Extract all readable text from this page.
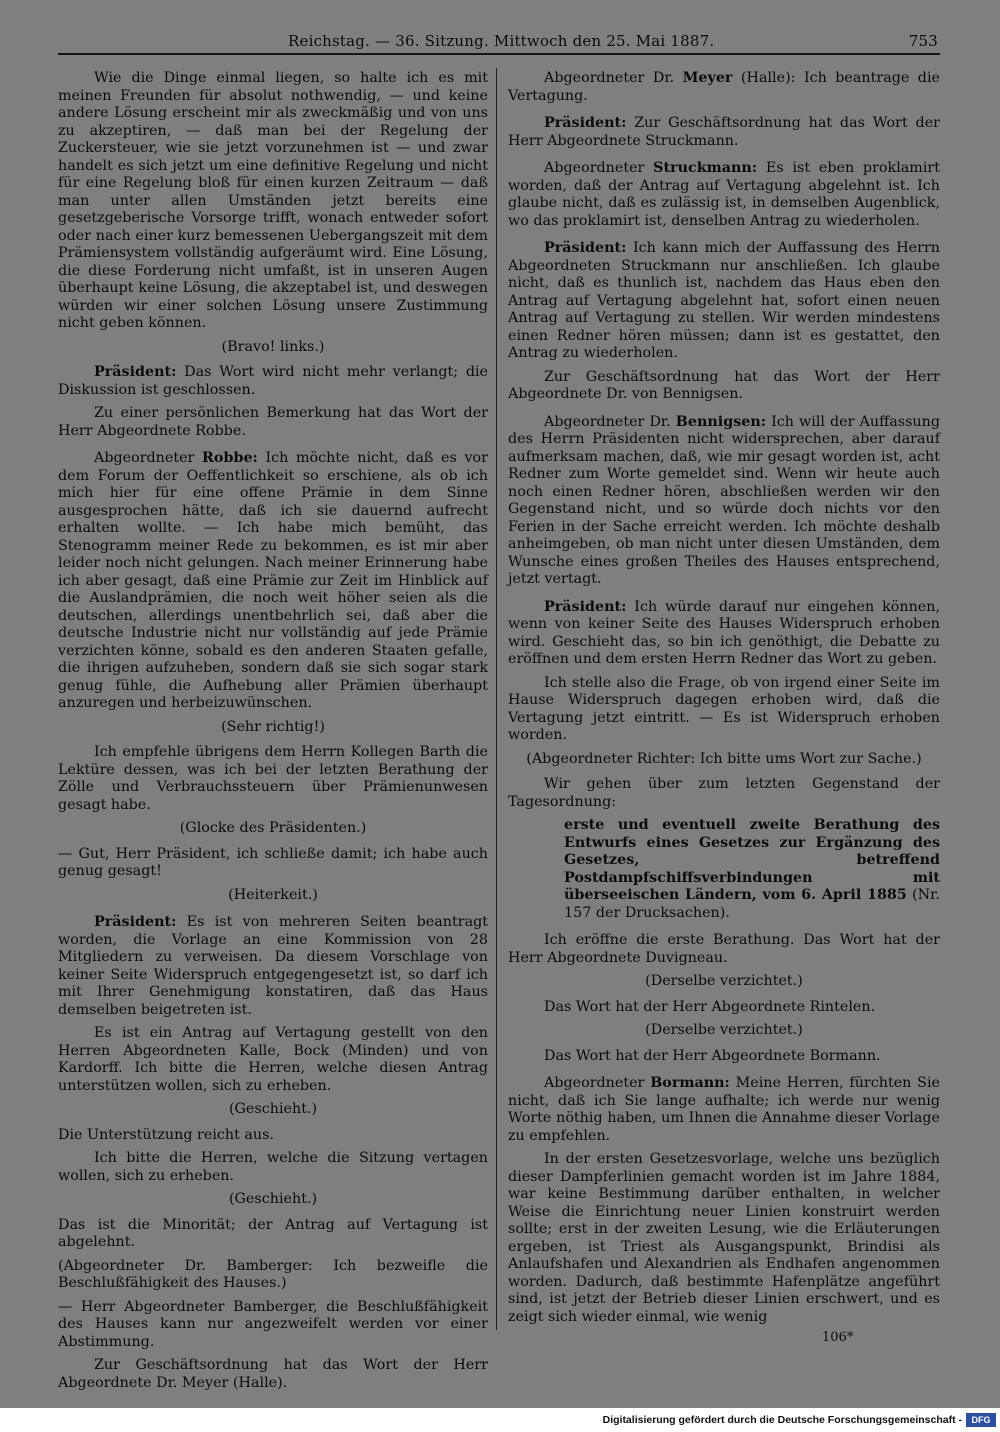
Reichstag. — 36. Sitzung. Mittwoch den 25. Mai 1887.	753

Wie die Dinge einmal liegen, so halte ich es mit meinen Freunden für absolut nothwendig, — und keine andere Lösung erscheint mir als zweckmäßig und von uns zu akzeptiren, — daß man bei der Regelung der Zuckersteuer, wie sie jetzt vorzunehmen ist — und zwar handelt es sich jetzt um eine definitive Regelung und nicht für eine Regelung bloß für einen kurzen Zeitraum — daß man unter allen Umständen jetzt bereits eine gesetzgeberische Vorsorge trifft, wonach entweder sofort oder nach einer kurz bemessenen Uebergangszeit mit dem Prämiensystem vollständig aufgeräumt wird. Eine Lösung, die diese Forderung nicht umfaßt, ist in unseren Augen überhaupt keine Lösung, die akzeptabel ist, und deswegen würden wir einer solchen Lösung unsere Zustimmung nicht geben können.

(Bravo! links.)

Präsident: Das Wort wird nicht mehr verlangt; die Diskussion ist geschlossen.

Zu einer persönlichen Bemerkung hat das Wort der Herr Abgeordnete Robbe.

Abgeordneter Robbe: Ich möchte nicht, daß es vor dem Forum der Oeffentlichkeit so erschiene, als ob ich mich hier für eine offene Prämie in dem Sinne ausgesprochen hätte, daß ich sie dauernd aufrecht erhalten wollte. — Ich habe mich bemüht, das Stenogramm meiner Rede zu bekommen, es ist mir aber leider noch nicht gelungen. Nach meiner Erinnerung habe ich aber gesagt, daß eine Prämie zur Zeit im Hinblick auf die Auslandprämien, die noch weit höher seien als die deutschen, allerdings unentbehrlich sei, daß aber die deutsche Industrie nicht nur vollständig auf jede Prämie verzichten könne, sobald es den anderen Staaten gefalle, die ihrigen aufzuheben, sondern daß sie sich sogar stark genug fühle, die Aufhebung aller Prämien überhaupt anzuregen und herbeizuwünschen.

(Sehr richtig!)

Ich empfehle übrigens dem Herrn Kollegen Barth die Lektüre dessen, was ich bei der letzten Berathung der Zölle und Verbrauchssteuern über Prämienunwesen gesagt habe.

(Glocke des Präsidenten.)

— Gut, Herr Präsident, ich schließe damit; ich habe auch genug gesagt!

(Heiterkeit.)

Präsident: Es ist von mehreren Seiten beantragt worden, die Vorlage an eine Kommission von 28 Mitgliedern zu verweisen. Da diesem Vorschlage von keiner Seite Widerspruch entgegengesetzt ist, so darf ich mit Ihrer Genehmigung konstatiren, daß das Haus demselben beigetreten ist.

Es ist ein Antrag auf Vertagung gestellt von den Herren Abgeordneten Kalle, Bock (Minden) und von Kardorff. Ich bitte die Herren, welche diesen Antrag unterstützen wollen, sich zu erheben.

(Geschieht.)

Die Unterstützung reicht aus.

Ich bitte die Herren, welche die Sitzung vertagen wollen, sich zu erheben.

(Geschieht.)

Das ist die Minorität; der Antrag auf Vertagung ist abgelehnt.

(Abgeordneter Dr. Bamberger: Ich bezweifle die Beschlußfähigkeit des Hauses.)

— Herr Abgeordneter Bamberger, die Beschlußfähigkeit des Hauses kann nur angezweifelt werden vor einer Abstimmung.

Zur Geschäftsordnung hat das Wort der Herr Abgeordnete Dr. Meyer (Halle).

Abgeordneter Dr. Meyer (Halle): Ich beantrage die Vertagung.

Präsident: Zur Geschäftsordnung hat das Wort der Herr Abgeordnete Struckmann.

Abgeordneter Struckmann: Es ist eben proklamirt worden, daß der Antrag auf Vertagung abgelehnt ist. Ich glaube nicht, daß es zulässig ist, in demselben Augenblick, wo das proklamirt ist, denselben Antrag zu wiederholen.

Präsident: Ich kann mich der Auffassung des Herrn Abgeordneten Struckmann nur anschließen. Ich glaube nicht, daß es thunlich ist, nachdem das Haus eben den Antrag auf Vertagung abgelehnt hat, sofort einen neuen Antrag auf Vertagung zu stellen. Wir werden mindestens einen Redner hören müssen; dann ist es gestattet, den Antrag zu wiederholen.

Zur Geschäftsordnung hat das Wort der Herr Abgeordnete Dr. von Bennigsen.

Abgeordneter Dr. Bennigsen: Ich will der Auffassung des Herrn Präsidenten nicht widersprechen, aber darauf aufmerksam machen, daß, wie mir gesagt worden ist, acht Redner zum Worte gemeldet sind. Wenn wir heute auch noch einen Redner hören, abschließen werden wir den Gegenstand nicht, und so würde doch nichts vor den Ferien in der Sache erreicht werden. Ich möchte deshalb anheimgeben, ob man nicht unter diesen Umständen, dem Wunsche eines großen Theiles des Hauses entsprechend, jetzt vertagt.

Präsident: Ich würde darauf nur eingehen können, wenn von keiner Seite des Hauses Widerspruch erhoben wird. Geschieht das, so bin ich genöthigt, die Debatte zu eröffnen und dem ersten Herrn Redner das Wort zu geben.

Ich stelle also die Frage, ob von irgend einer Seite im Hause Widerspruch dagegen erhoben wird, daß die Vertagung jetzt eintritt. — Es ist Widerspruch erhoben worden.

(Abgeordneter Richter: Ich bitte ums Wort zur Sache.)

Wir gehen über zum letzten Gegenstand der Tagesordnung:

erste und eventuell zweite Berathung des Entwurfs eines Gesetzes zur Ergänzung des Gesetzes, betreffend Postdampfschiffsverbindungen mit überseeischen Ländern, vom 6. April 1885 (Nr. 157 der Drucksachen).

Ich eröffne die erste Berathung. Das Wort hat der Herr Abgeordnete Duvigneau.

(Derselbe verzichtet.)

Das Wort hat der Herr Abgeordnete Rintelen.

(Derselbe verzichtet.)

Das Wort hat der Herr Abgeordnete Bormann.

Abgeordneter Bormann: Meine Herren, fürchten Sie nicht, daß ich Sie lange aufhalte; ich werde nur wenig Worte nöthig haben, um Ihnen die Annahme dieser Vorlage zu empfehlen.

In der ersten Gesetzesvorlage, welche uns bezüglich dieser Dampferlinien gemacht worden ist im Jahre 1884, war keine Bestimmung darüber enthalten, in welcher Weise die Einrichtung neuer Linien konstruirt werden sollte; erst in der zweiten Lesung, wie die Erläuterungen ergeben, ist Triest als Ausgangspunkt, Brindisi als Anlaufshafen und Alexandrien als Endhafen angenommen worden. Dadurch, daß bestimmte Hafenplätze angeführt sind, ist jetzt der Betrieb dieser Linien erschwert, und es zeigt sich wieder einmal, wie wenig

106*
Digitalisierung gefördert durch die Deutsche Forschungsgemeinschaft -	DFG
